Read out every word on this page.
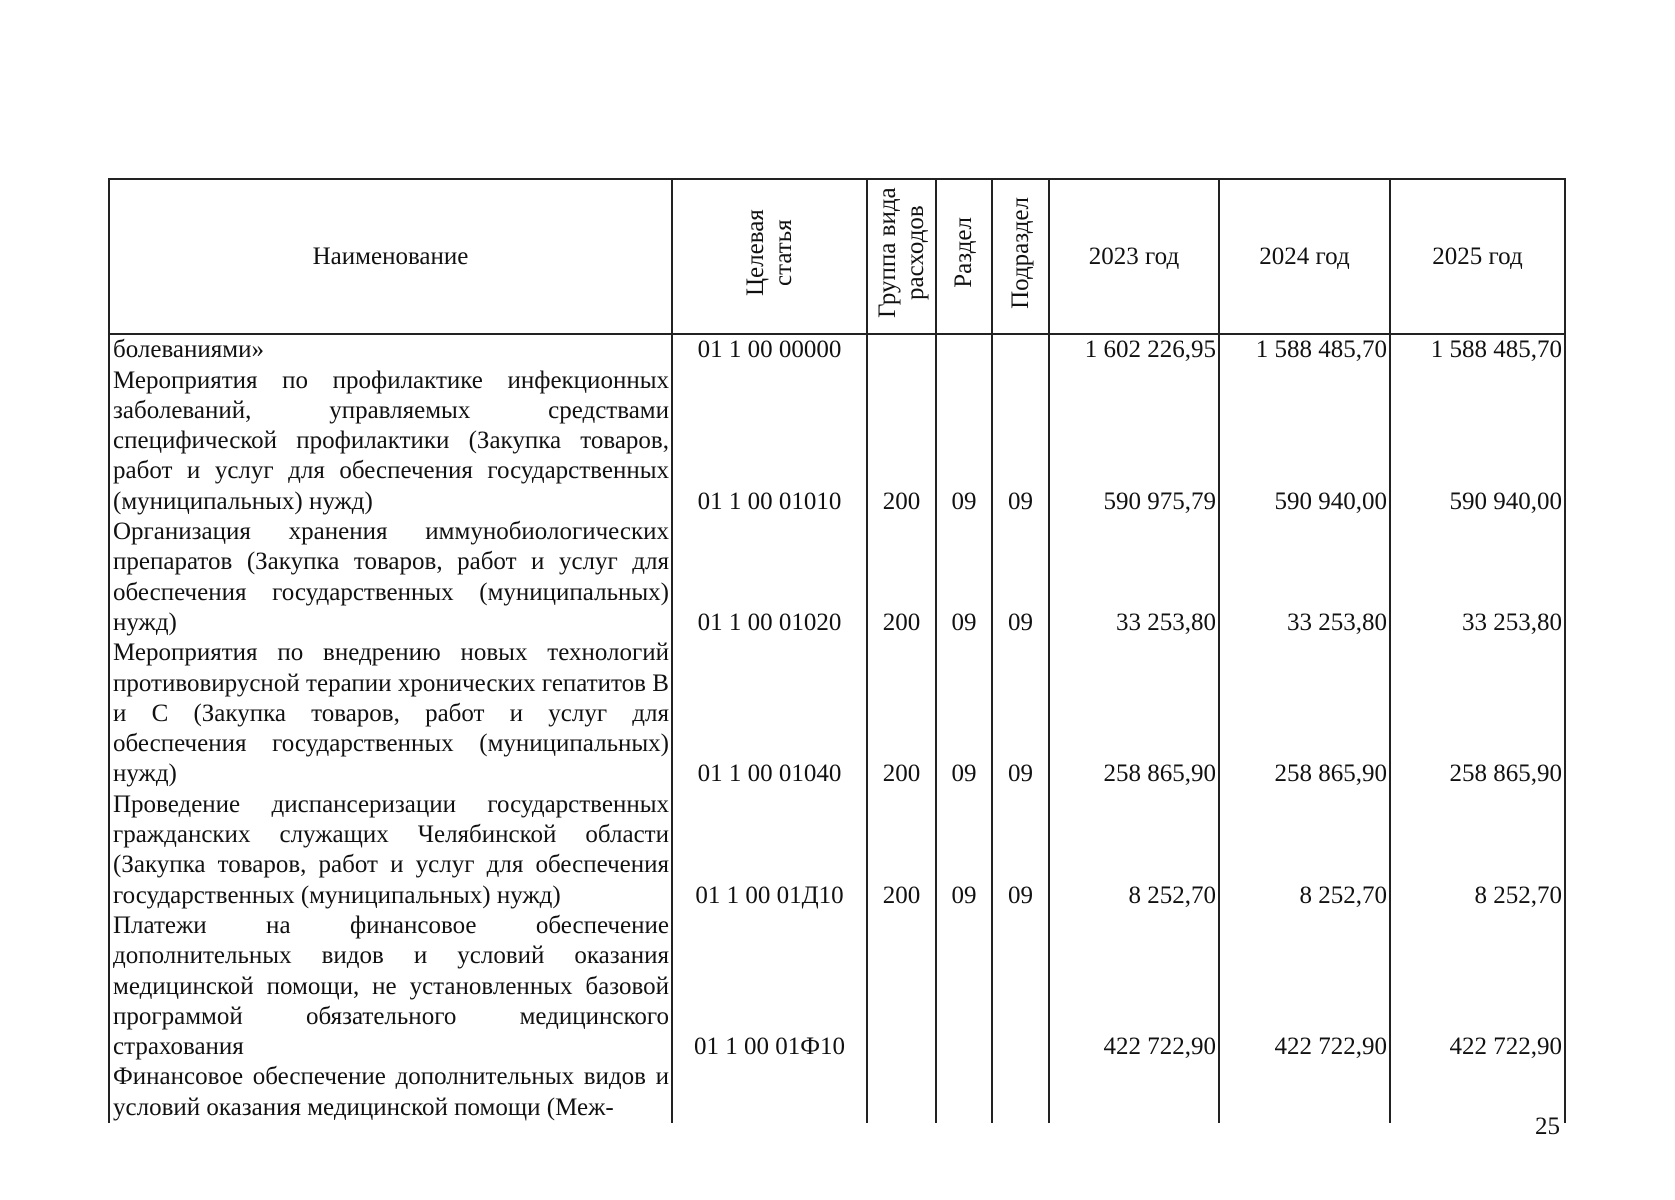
Наименование	Целевая статья	Группа вида расходов	Раздел	Подраздел	2023 год	2024 год	2025 год
болеваниями»	01 1 00 00000				1 602 226,95	1 588 485,70	1 588 485,70
Мероприятия по профилактике инфекционных заболеваний, управляемых средствами специфической профилактики (Закупка товаров, работ и услуг для обеспечения государственных (муниципальных) нужд)	01 1 00 01010	200	09	09	590 975,79	590 940,00	590 940,00
Организация хранения иммунобиологических препаратов (Закупка товаров, работ и услуг для обеспечения государственных (муниципальных) нужд)	01 1 00 01020	200	09	09	33 253,80	33 253,80	33 253,80
Мероприятия по внедрению новых технологий противовирусной терапии хронических гепатитов В и С (Закупка товаров, работ и услуг для обеспечения государственных (муниципальных) нужд)	01 1 00 01040	200	09	09	258 865,90	258 865,90	258 865,90
Проведение диспансеризации государственных гражданских служащих Челябинской области (Закупка товаров, работ и услуг для обеспечения государственных (муниципальных) нужд)	01 1 00 01Д10	200	09	09	8 252,70	8 252,70	8 252,70
Платежи на финансовое обеспечение дополнительных видов и условий оказания медицинской помощи, не установленных базовой программой обязательного медицинского страхования	01 1 00 01Ф10				422 722,90	422 722,90	422 722,90
Финансовое обеспечение дополнительных видов и условий оказания медицинской помощи (Меж-							
25
